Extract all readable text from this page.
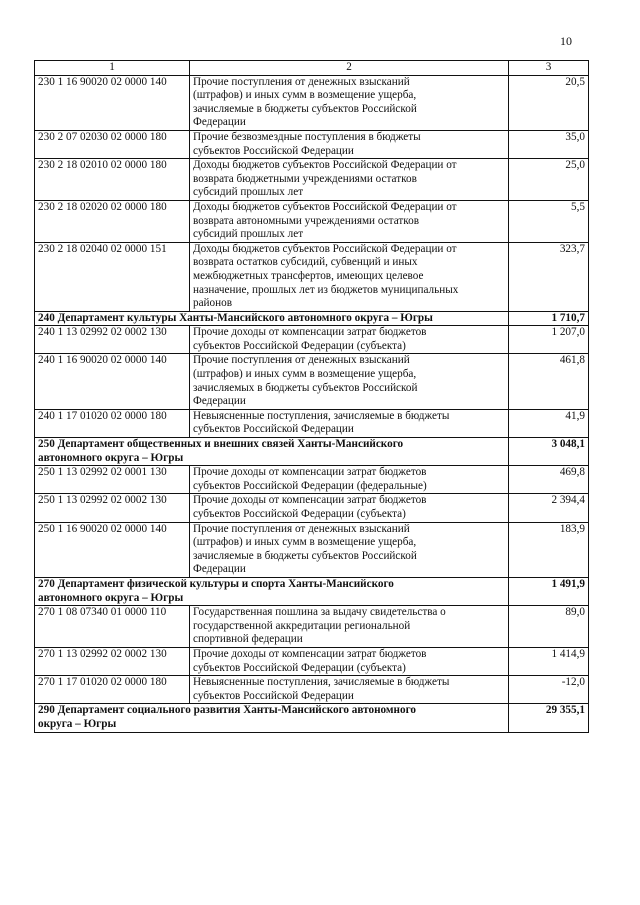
10
1	2	3
230 1 16 90020 02 0000 140	Прочие поступления от денежных взысканий
(штрафов) и иных сумм в возмещение ущерба,
зачисляемые в бюджеты субъектов Российской
Федерации	20,5
230 2 07 02030 02 0000 180	Прочие безвозмездные поступления в бюджеты
субъектов Российской Федерации	35,0
230 2 18 02010 02 0000 180	Доходы бюджетов субъектов Российской Федерации от
возврата бюджетными учреждениями остатков
субсидий прошлых лет	25,0
230 2 18 02020 02 0000 180	Доходы бюджетов субъектов Российской Федерации от
возврата автономными учреждениями остатков
субсидий прошлых лет	5,5
230 2 18 02040 02 0000 151	Доходы бюджетов субъектов Российской Федерации от
возврата остатков субсидий, субвенций и иных
межбюджетных трансфертов, имеющих целевое
назначение, прошлых лет из бюджетов муниципальных
районов	323,7

240 Департамент культуры Ханты-Мансийского автономного округа – Югры		1 710,7
240 1 13 02992 02 0002 130	Прочие доходы от компенсации затрат бюджетов
субъектов Российской Федерации (субъекта)	1 207,0
240 1 16 90020 02 0000 140	Прочие поступления от денежных взысканий
(штрафов) и иных сумм в возмещение ущерба,
зачисляемых в бюджеты субъектов Российской
Федерации	461,8
240 1 17 01020 02 0000 180	Невыясненные поступления, зачисляемые в бюджеты
субъектов Российской Федерации	41,9

250 Департамент общественных и внешних связей Ханты-Мансийского
автономного округа – Югры		3 048,1
250 1 13 02992 02 0001 130	Прочие доходы от компенсации затрат бюджетов
субъектов Российской Федерации (федеральные)	469,8
250 1 13 02992 02 0002 130	Прочие доходы от компенсации затрат бюджетов
субъектов Российской Федерации (субъекта)	2 394,4
250 1 16 90020 02 0000 140	Прочие поступления от денежных взысканий
(штрафов) и иных сумм в возмещение ущерба,
зачисляемые в бюджеты субъектов Российской
Федерации	183,9

270 Департамент физической культуры и спорта Ханты-Мансийского
автономного округа – Югры		1 491,9
270 1 08 07340 01 0000 110	Государственная пошлина за выдачу свидетельства о
государственной аккредитации региональной
спортивной федерации	89,0
270 1 13 02992 02 0002 130	Прочие доходы от компенсации затрат бюджетов
субъектов Российской Федерации (субъекта)	1 414,9
270 1 17 01020 02 0000 180	Невыясненные поступления, зачисляемые в бюджеты
субъектов Российской Федерации	-12,0

290 Департамент социального развития Ханты-Мансийского автономного
округа – Югры		29 355,1
